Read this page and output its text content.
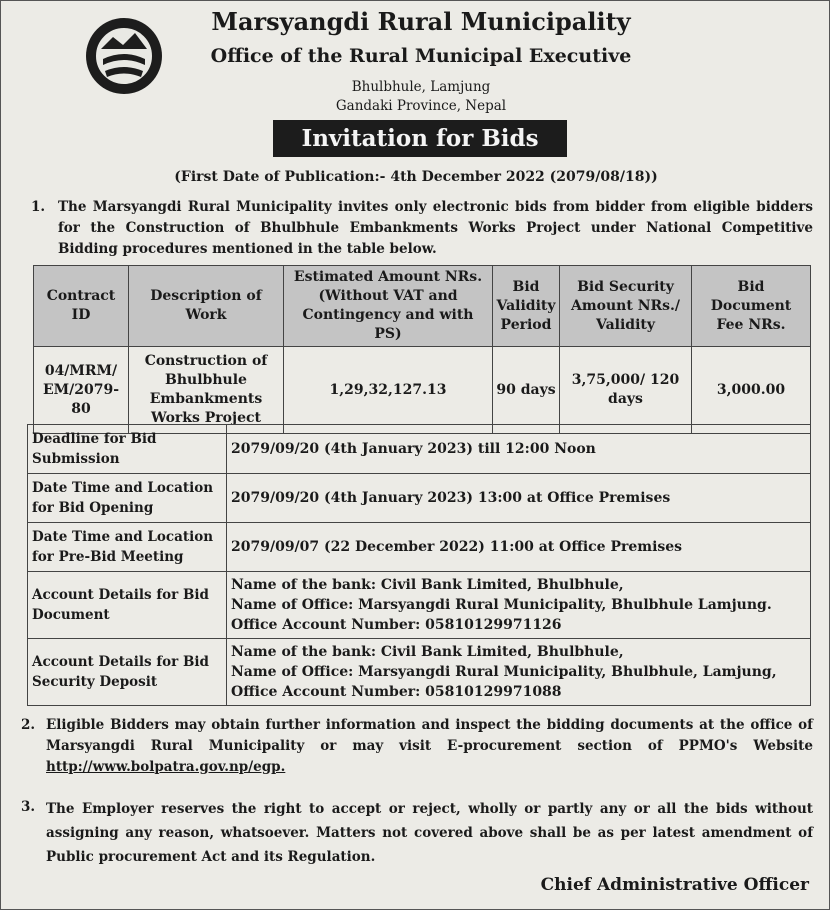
Marsyangdi Rural Municipality
Office of the Rural Municipal Executive
Bhulbhule, Lamjung
Gandaki Province, Nepal
Invitation for Bids
(First Date of Publication:- 4th December 2022 (2079/08/18))
1. The Marsyangdi Rural Municipality invites only electronic bids from bidder from eligible bidders for the Construction of Bhulbhule Embankments Works Project under National Competitive Bidding procedures mentioned in the table below.
Contract ID	Description of Work	Estimated Amount NRs. (Without VAT and Contingency and with PS)	Bid Validity Period	Bid Security Amount NRs./ Validity	Bid Document Fee NRs.
04/MRM/ EM/2079-80	Construction of Bhulbhule Embankments Works Project	1,29,32,127.13	90 days	3,75,000/ 120 days	3,000.00
Deadline for Bid Submission	2079/09/20 (4th January 2023) till 12:00 Noon
Date Time and Location for Bid Opening	2079/09/20 (4th January 2023) 13:00 at Office Premises
Date Time and Location for Pre-Bid Meeting	2079/09/07 (22 December 2022) 11:00 at Office Premises
Account Details for Bid Document	Name of the bank: Civil Bank Limited, Bhulbhule,
Name of Office: Marsyangdi Rural Municipality, Bhulbhule Lamjung.
Office Account Number: 05810129971126

Account Details for Bid Security Deposit	Name of the bank: Civil Bank Limited, Bhulbhule,
Name of Office: Marsyangdi Rural Municipality, Bhulbhule, Lamjung,
Office Account Number: 05810129971088
2. Eligible Bidders may obtain further information and inspect the bidding documents at the office of Marsyangdi Rural Municipality or may visit E-procurement section of PPMO's Website http://www.bolpatra.gov.np/egp.
3. The Employer reserves the right to accept or reject, wholly or partly any or all the bids without assigning any reason, whatsoever. Matters not covered above shall be as per latest amendment of Public procurement Act and its Regulation.
Chief Administrative Officer
